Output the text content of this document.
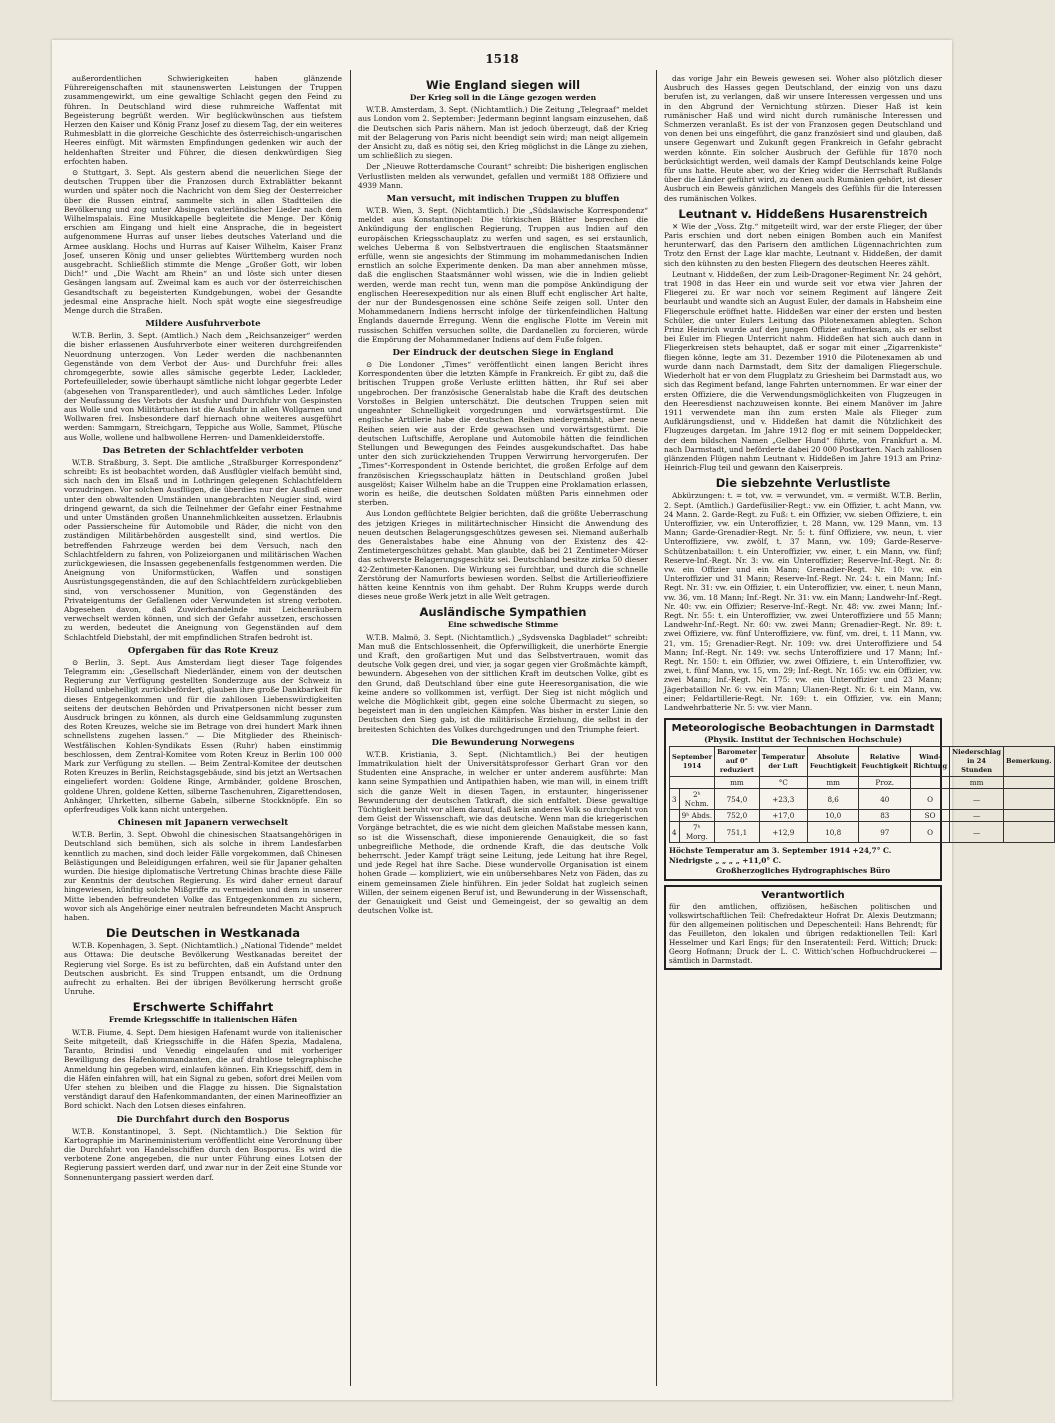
1518

außerordentlichen Schwierigkeiten haben glänzende Führereigenschaften mit staunenswerten Leistungen der Truppen zusammengewirkt, um eine gewaltige Schlacht gegen den Feind zu führen. In Deutschland wird diese ruhmreiche Waffentat mit Begeisterung begrüßt werden. Wir beglückwünschen aus tiefstem Herzen den Kaiser und König Franz Josef zu diesem Tag, der ein weiteres Ruhmesblatt in die glorreiche Geschichte des österreichisch-ungarischen Heeres einfügt. Mit wärmsten Empfindungen gedenken wir auch der heldenhaften Streiter und Führer, die diesen denkwürdigen Sieg erfochten haben.

⊙ Stuttgart, 3. Sept. Als gestern abend die neuerlichen Siege der deutschen Truppen über die Franzosen durch Extrablätter bekannt wurden und später noch die Nachricht von dem Sieg der Oesterreicher über die Russen eintraf, sammelte sich in allen Stadtteilen die Bevölkerung und zog unter Absingen vaterländischer Lieder nach dem Wilhelmspalais. Eine Musikkapelle begleitete die Menge. Der König erschien am Eingang und hielt eine Ansprache, die in begeistert aufgenommene Hurras auf unser liebes deutsches Vaterland und die Armee ausklang. Hochs und Hurras auf Kaiser Wilhelm, Kaiser Franz Josef, unseren König und unser geliebtes Württemberg wurden noch ausgebracht. Schließlich stimmte die Menge „Großer Gott, wir loben Dich!“ und „Die Wacht am Rhein“ an und löste sich unter diesen Gesängen langsam auf. Zweimal kam es auch vor der österreichischen Gesandtschaft zu begeisterten Kundgebungen, wobei der Gesandte jedesmal eine Ansprache hielt. Noch spät wogte eine siegesfreudige Menge durch die Straßen.

Mildere Ausfuhrverbote

W.T.B. Berlin, 3. Sept. (Amtlich.) Nach dem „Reichsanzeiger“ werden die bisher erlassenen Ausfuhrverbote einer weiteren durchgreifenden Neuordnung unterzogen. Von Leder werden die nachbenannten Gegenstände von dem Verbot der Aus- und Durchfuhr frei: alles chromgegerbte, sowie alles sämische gegerbte Leder, Lackleder, Portefeuilleleder, sowie überhaupt sämtliche nicht lohgar gegerbte Leder (abgesehen von Transparentleder), und auch sämtliches Leder. Infolge der Neufassung des Verbots der Ausfuhr und Durchfuhr von Gespinsten aus Wolle und von Militärtuchen ist die Ausfuhr in allen Wollgarnen und Wollwaren frei. Insbesondere darf hiernach ohne weiteres ausgeführt werden: Sammgarn, Streichgarn, Teppiche aus Wolle, Sammet, Plüsche aus Wolle, wollene und halbwollene Herren- und Damenkleiderstoffe.

Das Betreten der Schlachtfelder verboten

W.T.B. Straßburg, 3. Sept. Die amtliche „Straßburger Korrespondenz“ schreibt: Es ist beobachtet worden, daß Ausflügler vielfach bemüht sind, sich nach den im Elsaß und in Lothringen gelegenen Schlachtfeldern vorzudringen. Vor solchen Ausflügen, die überdies nur der Ausfluß einer unter den obwaltenden Umständen unangebrachten Neugier sind, wird dringend gewarnt, da sich die Teilnehmer der Gefahr einer Festnahme und unter Umständen großen Unannehmlichkeiten aussetzen. Erlaubnis oder Passierscheine für Automobile und Räder, die nicht von den zuständigen Militärbehörden ausgestellt sind, sind wertlos. Die betreffenden Fahrzeuge werden bei dem Versuch, nach den Schlachtfeldern zu fahren, von Polizeiorganen und militärischen Wachen zurückgewiesen, die Insassen gegebenenfalls festgenommen werden. Die Aneignung von Uniformstücken, Waffen und sonstigen Ausrüstungsgegenständen, die auf den Schlachtfeldern zurückgeblieben sind, von verschossener Munition, von Gegenständen des Privateigentums der Gefallenen oder Verwundeten ist streng verboten. Abgesehen davon, daß Zuwiderhandelnde mit Leichenräubern verwechselt werden können, und sich der Gefahr aussetzen, erschossen zu werden, bedeutet die Aneignung von Gegenständen auf dem Schlachtfeld Diebstahl, der mit empfindlichen Strafen bedroht ist.

Opfergaben für das Rote Kreuz

⊙ Berlin, 3. Sept. Aus Amsterdam liegt dieser Tage folgendes Telegramm ein: „Gesellschaft Niederländer, einem von der deutschen Regierung zur Verfügung gestellten Sonderzuge aus der Schweiz in Holland unbehelligt zurückbefördert, glauben ihre große Dankbarkeit für dieses Entgegenkommen und für die zahllosen Liebenswürdigkeiten seitens der deutschen Behörden und Privatpersonen nicht besser zum Ausdruck bringen zu können, als durch eine Geldsammlung zugunsten des Roten Kreuzes, welche sie im Betrage von drei hundert Mark ihnen schnellstens zugehen lassen.“ — Die Mitglieder des Rheinisch-Westfälischen Kohlen-Syndikats Essen (Ruhr) haben einstimmig beschlossen, dem Zentral-Komitee vom Roten Kreuz in Berlin 100 000 Mark zur Verfügung zu stellen. — Beim Zentral-Komitee der deutschen Roten Kreuzes in Berlin, Reichstagsgebäude, sind bis jetzt an Wertsachen eingeliefert worden: Goldene Ringe, Armbänder, goldene Broschen, goldene Uhren, goldene Ketten, silberne Taschenuhren, Zigarettendosen, Anhänger, Uhrketten, silberne Gabeln, silberne Stockknöpfe. Ein so opferfreudiges Volk kann nicht untergehen.

Chinesen mit Japanern verwechselt

W.T.B. Berlin, 3. Sept. Obwohl die chinesischen Staatsangehörigen in Deutschland sich bemühen, sich als solche in ihrem Landesfarben kenntlich zu machen, sind doch leider Fälle vorgekommen, daß Chinesen Belästigungen und Beleidigungen erfahren, weil sie für Japaner gehalten wurden. Die hiesige diplomatische Vertretung Chinas brachte diese Fälle zur Kenntnis der deutschen Regierung. Es wird daher erneut darauf hingewiesen, künftig solche Mißgriffe zu vermeiden und dem in unserer Mitte lebenden befreundeten Volke das Entgegenkommen zu sichern, wovor sich als Angehörige einer neutralen befreundeten Macht Anspruch haben.

Die Deutschen in Westkanada

W.T.B. Kopenhagen, 3. Sept. (Nichtamtlich.) „National Tidende“ meldet aus Ottawa: Die deutsche Bevölkerung Westkanadas bereitet der Regierung viel Sorge. Es ist zu befürchten, daß ein Aufstand unter den Deutschen ausbricht. Es sind Truppen entsandt, um die Ordnung aufrecht zu erhalten. Bei der übrigen Bevölkerung herrscht große Unruhe.

Erschwerte Schiffahrt
Fremde Kriegsschiffe in italienischen Häfen

W.T.B. Fiume, 4. Sept. Dem hiesigen Hafenamt wurde von italienischer Seite mitgeteilt, daß Kriegsschiffe in die Häfen Spezia, Madalena, Taranto, Brindisi und Venedig eingelaufen und mit vorheriger Bewilligung des Hafenkommandanten, die auf drahtlose telegraphische Anmeldung hin gegeben wird, einlaufen können. Ein Kriegsschiff, dem in die Häfen einfahren will, hat ein Signal zu geben, sofort drei Meilen vom Ufer stehen zu bleiben und die Flagge zu hissen. Die Signalstation verständigt darauf den Hafenkommandanten, der einen Marineoffizier an Bord schickt. Nach den Lotsen dieses einfahren.

Die Durchfahrt durch den Bosporus

W.T.B. Konstantinopel, 3. Sept. (Nichtamtlich.) Die Sektion für Kartographie im Marineministerium veröffentlicht eine Verordnung über die Durchfahrt von Handelsschiffen durch den Bosporus. Es wird die verbotene Zone angegeben, die nur unter Führung eines Lotsen der Regierung passiert werden darf, und zwar nur in der Zeit eine Stunde vor Sonnenuntergang passiert werden darf.

Wie England siegen will
Der Krieg soll in die Länge gezogen werden

W.T.B. Amsterdam, 3. Sept. (Nichtamtlich.) Die Zeitung „Telegraaf“ meldet aus London vom 2. September: Jedermann beginnt langsam einzusehen, daß die Deutschen sich Paris nähern. Man ist jedoch überzeugt, daß der Krieg mit der Belagerung von Paris nicht beendigt sein wird; man neigt allgemein der Ansicht zu, daß es nötig sei, den Krieg möglichst in die Länge zu ziehen, um schließlich zu siegen.

Der „Nieuwe Rotterdamsche Courant“ schreibt: Die bisherigen englischen Verlustlisten melden als verwundet, gefallen und vermißt 188 Offiziere und 4939 Mann.

Man versucht, mit indischen Truppen zu bluffen

W.T.B. Wien, 3. Sept. (Nichtamtlich.) Die „Südslawische Korrespondenz“ meldet aus Konstantinopel: Die türkischen Blätter besprechen die Ankündigung der englischen Regierung, Truppen aus Indien auf den europäischen Kriegsschauplatz zu werfen und sagen, es sei erstaunlich, welches Ueberma ß von Selbstvertrauen die englischen Staatsmänner erfülle, wenn sie angesichts der Stimmung im mohammedanischen Indien ernstlich an solche Experimente denken. Da man aber annehmen müsse, daß die englischen Staatsmänner wohl wissen, wie die in Indien geliebt werden, werde man recht tun, wenn man die pompöse Ankündigung der englischen Heeresexpedition nur als einen Bluff echt englischer Art halte, der nur der Bundesgenossen eine schöne Seife zeigen soll. Unter den Mohammedanern Indiens herrscht infolge der türkenfeindlichen Haltung Englands dauernde Erregung. Wenn die englische Flotte im Verein mit russischen Schiffen versuchen sollte, die Dardanellen zu forcieren, würde die Empörung der Mohammedaner Indiens auf dem Fuße folgen.

Der Eindruck der deutschen Siege in England

⊙ Die Londoner „Times“ veröffentlicht einen langen Bericht ihres Korrespondenten über die letzten Kämpfe in Frankreich. Er gibt zu, daß die britischen Truppen große Verluste erlitten hätten, ihr Ruf sei aber ungebrochen. Der französische Generalstab habe die Kraft des deutschen Vorstoßes in Belgien unterschätzt. Die deutschen Truppen seien mit ungeahnter Schnelligkeit vorgedrungen und vorwärtsgestürmt. Die englische Artillerie habe die deutschen Reihen niedergemäht, aber neue Reihen seien wie aus der Erde gewachsen und vorwärtsgestürmt. Die deutschen Luftschiffe, Aeroplane und Automobile hätten die feindlichen Stellungen und Bewegungen des Feindes ausgekundschaftet. Das habe unter den sich zurückziehenden Truppen Verwirrung hervorgerufen. Der „Times“-Korrespondent in Ostende berichtet, die großen Erfolge auf dem französischen Kriegsschauplatz hätten in Deutschland großen Jubel ausgelöst; Kaiser Wilhelm habe an die Truppen eine Proklamation erlassen, worin es heiße, die deutschen Soldaten müßten Paris einnehmen oder sterben.

Aus London geflüchtete Belgier berichten, daß die größte Ueberraschung des jetzigen Krieges in militärtechnischer Hinsicht die Anwendung des neuen deutschen Belagerungsgeschützes gewesen sei. Niemand außerhalb des Generalstabes habe eine Ahnung von der Existenz des 42-Zentimetergeschützes gehabt. Man glaubte, daß bei 21 Zentimeter-Mörser das schwerste Belagerungsgeschütz sei. Deutschland besitze zirka 50 dieser 42-Zentimeter-Kanonen. Die Wirkung sei furchtbar, und durch die schnelle Zerstörung der Namurforts bewiesen worden. Selbst die Artillerieoffiziere hätten keine Kenntnis von ihm gehabt. Der Ruhm Krupps werde durch dieses neue große Werk jetzt in alle Welt getragen.

Ausländische Sympathien
Eine schwedische Stimme

W.T.B. Malmö, 3. Sept. (Nichtamtlich.) „Sydsvenska Dagbladet“ schreibt: Man muß die Entschlossenheit, die Opferwilligkeit, die unerhörte Energie und Kraft, den großartigen Mut und das Selbstvertrauen, womit das deutsche Volk gegen drei, und vier, ja sogar gegen vier Großmächte kämpft, bewundern. Abgesehen von der sittlichen Kraft im deutschen Volke, gibt es den Grund, daß Deutschland über eine gute Heeresorganisation, die wie keine andere so vollkommen ist, verfügt. Der Sieg ist nicht möglich und welche die Möglichkeit gibt, gegen eine solche Übermacht zu siegen, so begeistert man in den ungleichen Kämpfen. Was bisher in erster Linie den Deutschen den Sieg gab, ist die militärische Erziehung, die selbst in der breitesten Schichten des Volkes durchgedrungen und den Triumphe feiert.

Die Bewunderung Norwegens

W.T.B. Kristiania, 3. Sept. (Nichtamtlich.) Bei der heutigen Immatrikulation hielt der Universitätsprofessor Gerhart Gran vor den Studenten eine Ansprache, in welcher er unter anderem ausführte: Man kann seine Sympathien und Antipathien haben, wie man will, in einem trifft sich die ganze Welt in diesen Tagen, in erstaunter, hingerissener Bewunderung der deutschen Tatkraft, die sich entfaltet. Diese gewaltige Tüchtigkeit beruht vor allem darauf, daß kein anderes Volk so durchgeht von dem Geist der Wissenschaft, wie das deutsche. Wenn man die kriegerischen Vorgänge betrachtet, die es wie nicht dem gleichen Maßstabe messen kann, so ist die Wissenschaft, diese imponierende Genauigkeit, die so fast unbegreifliche Methode, die ordnende Kraft, die das deutsche Volk beherrscht. Jeder Kampf trägt seine Leitung, jede Leitung hat ihre Regel, und jede Regel hat ihre Sache. Diese wundervolle Organisation ist einem hohen Grade — kompliziert, wie ein unübersehbares Netz von Fäden, das zu einem gemeinsamen Ziele hinführen. Ein jeder Soldat hat zugleich seinen Willen, der seinem eigenen Beruf ist, und Bewunderung in der Wissenschaft, der Genauigkeit und Geist und Gemeingeist, der so gewaltig an dem deutschen Volke ist.

das vorige Jahr ein Beweis gewesen sei. Woher also plötzlich dieser Ausbruch des Hasses gegen Deutschland, der einzig von uns dazu berufen ist, zu verlangen, daß wir unsere Interessen vergessen und uns in den Abgrund der Vernichtung stürzen. Dieser Haß ist kein rumänischer Haß und wird nicht durch rumänische Interessen und Schmerzen veranlaßt. Es ist der von Franzosen gegen Deutschland und von denen bei uns eingeführt, die ganz französiert sind und glauben, daß unsere Gegenwart und Zukunft gegen Frankreich in Gefahr gebracht werden könnte. Ein solcher Ausbruch der Gefühle für 1870 noch berücksichtigt werden, weil damals der Kampf Deutschlands keine Folge für uns hatte. Heute aber, wo der Krieg wider die Herrschaft Rußlands über die Länder geführt wird, zu denen auch Rumänien gehört, ist dieser Ausbruch ein Beweis gänzlichen Mangels des Gefühls für die Interessen des rumänischen Volkes.

Leutnant v. Hiddeßens Husarenstreich

✕ Wie der „Voss. Ztg.“ mitgeteilt wird, war der erste Flieger, der über Paris erschien und dort neben einigen Bomben auch ein Manifest herunterwarf, das den Parisern den amtlichen Lügennachrichten zum Trotz den Ernst der Lage klar machte, Leutnant v. Hiddeßen, der damit sich den kühnsten zu den besten Fliegern des deutschen Heeres zählt.

Leutnant v. Hiddeßen, der zum Leib-Dragoner-Regiment Nr. 24 gehört, trat 1908 in das Heer ein und wurde seit vor etwa vier Jahren der Fliegerei zu. Er war noch vor seinem Regiment auf längere Zeit beurlaubt und wandte sich an August Euler, der damals in Habsheim eine Fliegerschule eröffnet hatte. Hiddeßen war einer der ersten und besten Schüler, die unter Eulers Leitung das Pilotenexamen ablegten. Schon Prinz Heinrich wurde auf den jungen Offizier aufmerksam, als er selbst bei Euler im Fliegen Unterricht nahm. Hiddeßen hat sich auch dann in Fliegerkreisen stets behauptet, daß er sogar mit einer „Zigarrenkiste“ fliegen könne, legte am 31. Dezember 1910 die Pilotenexamen ab und wurde dann nach Darmstadt, dem Sitz der damaligen Fliegerschule. Wiederholt hat er von dem Flugplatz zu Griesheim bei Darmstadt aus, wo sich das Regiment befand, lange Fahrten unternommen. Er war einer der ersten Offiziere, die die Verwendungsmöglichkeiten von Flugzeugen in den Heeresdienst nachzuweisen konnte. Bei einem Manöver im Jahre 1911 verwendete man ihn zum ersten Male als Flieger zum Aufklärungsdienst, und v. Hiddeßen hat damit die Nützlichkeit des Flugzeuges dargetan. Im Jahre 1912 flog er mit seinem Doppeldecker, der dem bildschen Namen „Gelber Hund“ führte, von Frankfurt a. M. nach Darmstadt, und beförderte dabei 20 000 Postkarten. Nach zahllosen glänzenden Flügen nahm Leutnant v. Hiddeßen im Jahre 1913 am Prinz-Heinrich-Flug teil und gewann den Kaiserpreis.

Die siebzehnte Verlustliste

Abkürzungen: t. = tot, vw. = verwundet, vm. = vermißt. W.T.B. Berlin, 2. Sept. (Amtlich.) Gardefüsilier-Regt.: vw. ein Offizier, t. acht Mann, vw. 24 Mann. 2. Garde-Regt. zu Fuß: t. ein Offizier, vw. sieben Offiziere, t. ein Unteroffizier, vw. ein Unteroffizier, t. 28 Mann, vw. 129 Mann, vm. 13 Mann; Garde-Grenadier-Regt. Nr. 5: t. fünf Offiziere, vw. neun, t. vier Unteroffiziere, vw. zwölf, t. 37 Mann, vw. 109; Garde-Reserve-Schützenbataillon: t. ein Unteroffizier, vw. einer, t. ein Mann, vw. fünf; Reserve-Inf.-Regt. Nr. 3: vw. ein Unteroffizier; Reserve-Inf.-Regt. Nr. 8: vw. ein Offizier und ein Mann; Grenadier-Regt. Nr. 10: vw. ein Unteroffizier und 31 Mann; Reserve-Inf.-Regt. Nr. 24: t. ein Mann; Inf.-Regt. Nr. 31: vw. ein Offizier, t. ein Unteroffizier, vw. einer, t. neun Mann, vw. 36, vm. 18 Mann; Inf.-Regt. Nr. 31: vw. ein Mann; Landwehr-Inf.-Regt. Nr. 40: vw. ein Offizier; Reserve-Inf.-Regt. Nr. 48: vw. zwei Mann; Inf.-Regt. Nr. 55: t. ein Unteroffizier, vw. zwei Unteroffiziere und 55 Mann; Landwehr-Inf.-Regt. Nr. 60: vw. zwei Mann; Grenadier-Regt. Nr. 89: t. zwei Offiziere, vw. fünf Unteroffiziere, vw. fünf, vm. drei, t. 11 Mann, vw. 21, vm. 15; Grenadier-Regt. Nr. 109: vw. drei Unteroffiziere und 54 Mann; Inf.-Regt. Nr. 149: vw. sechs Unteroffiziere und 17 Mann; Inf.-Regt. Nr. 150: t. ein Offizier, vw. zwei Offiziere, t. ein Unteroffizier, vw. zwei, t. fünf Mann, vw. 15, vm. 29; Inf.-Regt. Nr. 165: vw. ein Offizier, vw. zwei Mann; Inf.-Regt. Nr. 175: vw. ein Unteroffizier und 23 Mann; Jägerbataillon Nr. 6: vw. ein Mann; Ulanen-Regt. Nr. 6: t. ein Mann, vw. einer; Feldartillerie-Regt. Nr. 169: t. ein Offizier, vw. ein Mann; Landwehrbatterie Nr. 5: vw. vier Mann.

Meteorologische Beobachtungen in Darmstadt
(Physik. Institut der Technischen Hochschule)
September 1914		Barometer auf 0° reduziert	Temperatur der Luft	Absolute Feuchtigkeit	Relative Feuchtigkeit	Wind-Richtung	Niederschlag in 24 Stunden	Bemerkung.
		mm	°C	mm	Proz.		mm	
3	2ʰ Nchm.	754,0	+23,3	8,6	40	O	—	
	9ʰ Abds.	752,0	+17,0	10,0	83	SO	—	
4	7ʰ Morg.	751,1	+12,9	10,8	97	O	—	
Höchste Temperatur am 3. September 1914 +24,7° C.
Niedrigste „ „ „ „ +11,0° C.
Großherzogliches Hydrographisches Büro
Verantwortlich
für den amtlichen, offiziösen, heßischen politischen und volkswirtschaftlichen Teil: Chefredakteur Hofrat Dr. Alexis Deutzmann; für den allgemeinen politischen und Depeschenteil: Hans Behrendt; für das Feuilleton, den lokalen und übrigen redaktionellen Teil: Karl Hesselmer und Karl Engs; für den Inseratenteil: Ferd. Wittich; Druck: Georg Hofmann; Druck der L. C. Wittich’schen Hofbuchdruckerei — sämtlich in Darmstadt.
